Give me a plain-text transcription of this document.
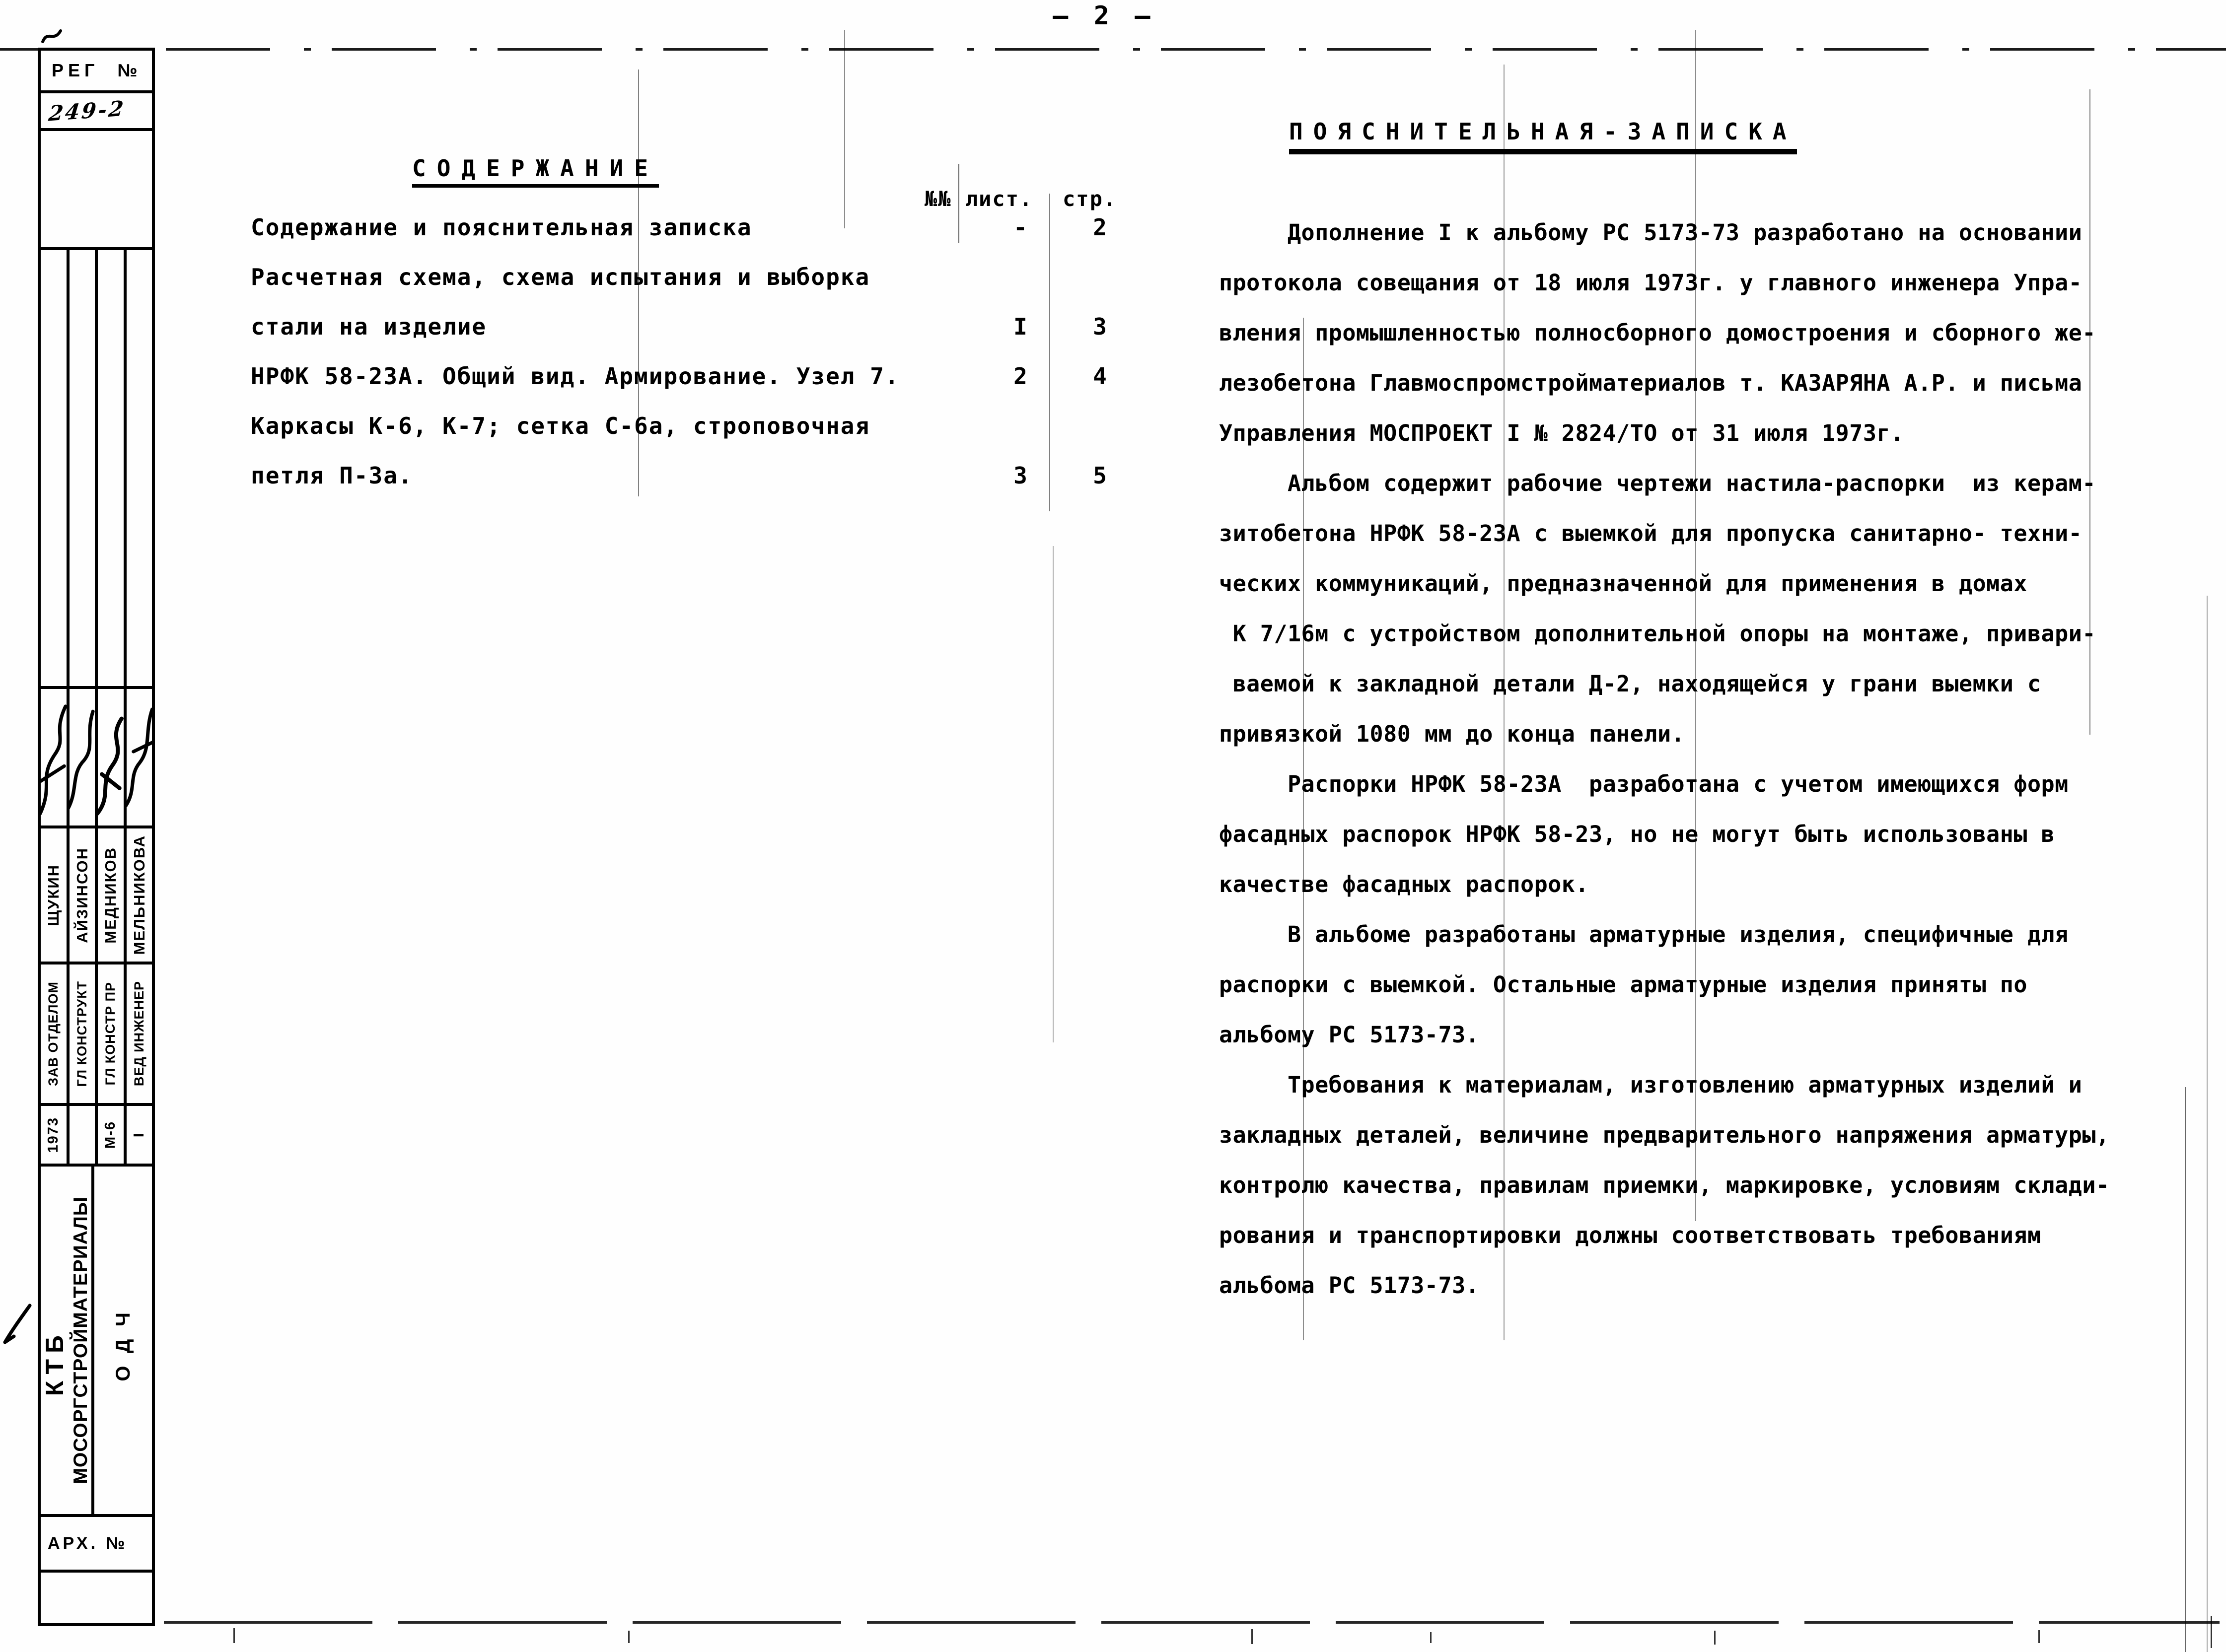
— 2 —
РЕГ №
249-2
ЩУКИН
ЗАВ ОТДЕЛОМ
1973
АЙЗИНСОН
ГЛ КОНСТРУКТ
МЕДНИКОВ
ГЛ КОНСТР ПР
М-6
МЕЛЬНИКОВА
ВЕД ИНЖЕНЕР
I
КТБ МОСОРГСТРОЙМАТЕРИАЛЫ ОДЧ
АРХ. №
СОДЕРЖАНИЕ
№№ лист. стр.
Содержание и пояснительная записка	-	2
Расчетная схема, схема испытания и выборка
стали на изделие	I	3
НРФК 58-23А. Общий вид. Армирование. Узел 7.	2	4
Каркасы К-6, К-7; сетка С-6а, строповочная
петля П-3а.	3	5
ПОЯСНИТЕЛЬНАЯ-ЗАПИСКА
Дополнение I к альбому РС 5173-73 разработано на основании
протокола совещания от 18 июля 1973г. у главного инженера Упра-
вления промышленностью полносборного домостроения и сборного же-
лезобетона Главмоспромстройматериалов т. КАЗАРЯНА А.Р. и письма
Управления МОСПРОЕКТ I № 2824/ТО от 31 июля 1973г.
Альбом содержит рабочие чертежи настила-распорки  из керам-
зитобетона НРФК 58-23А с выемкой для пропуска санитарно- техни-
ческих коммуникаций, предназначенной для применения в домах
К 7/16м с устройством дополнительной опоры на монтаже, привари-
ваемой к закладной детали Д-2, находящейся у грани выемки с
привязкой 1080 мм до конца панели.
Распорки НРФК 58-23А  разработана с учетом имеющихся форм
фасадных распорок НРФК 58-23, но не могут быть использованы в
качестве фасадных распорок.
В альбоме разработаны арматурные изделия, специфичные для
распорки с выемкой. Остальные арматурные изделия приняты по
альбому РС 5173-73.
Требования к материалам, изготовлению арматурных изделий и
закладных деталей, величине предварительного напряжения арматуры,
контролю качества, правилам приемки, маркировке, условиям склади-
рования и транспортировки должны соответствовать требованиям
альбома РС 5173-73.
